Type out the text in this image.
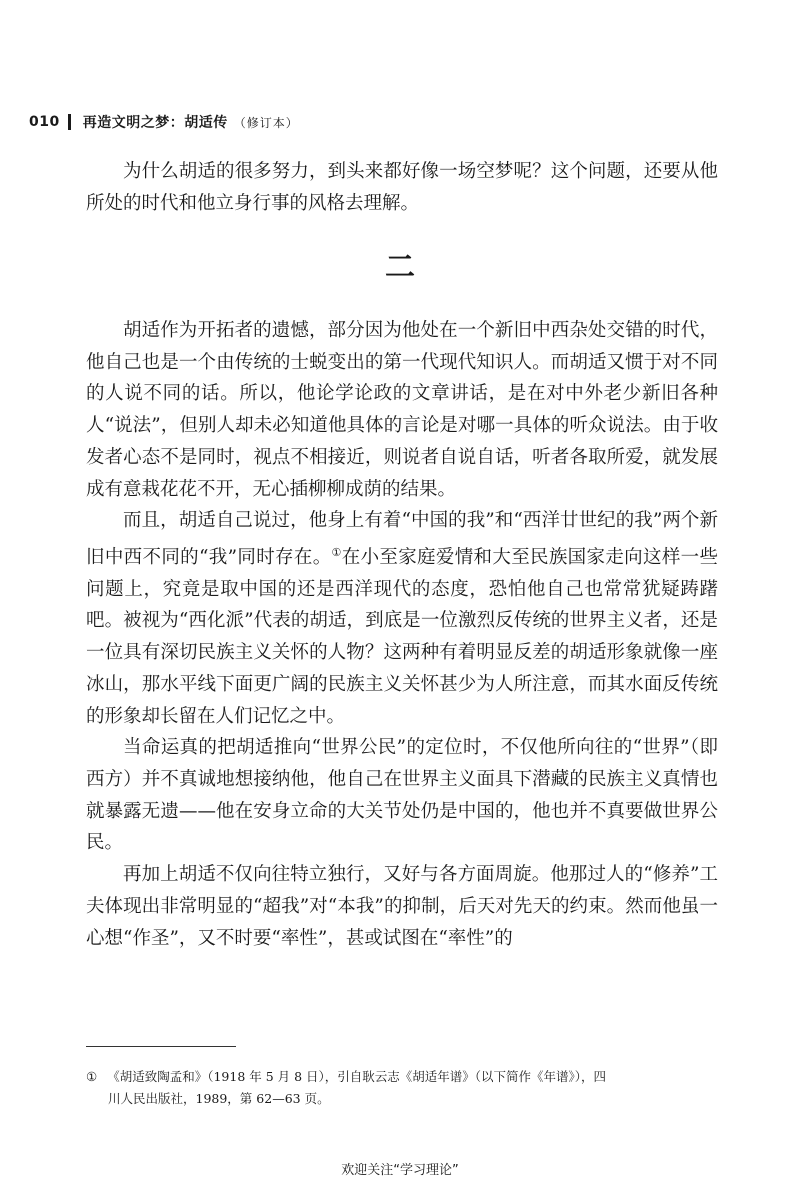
010 再造文明之梦：胡适传 （修订本）

为什么胡适的很多努力，到头来都好像一场空梦呢？这个问题，还要从他所处的时代和他立身行事的风格去理解。

二

胡适作为开拓者的遗憾，部分因为他处在一个新旧中西杂处交错的时代，他自己也是一个由传统的士蜕变出的第一代现代知识人。而胡适又惯于对不同的人说不同的话。所以，他论学论政的文章讲话，是在对中外老少新旧各种人“说法”，但别人却未必知道他具体的言论是对哪一具体的听众说法。由于收发者心态不是同时，视点不相接近，则说者自说自话，听者各取所爱，就发展成有意栽花花不开，无心插柳柳成荫的结果。

而且，胡适自己说过，他身上有着“中国的我”和“西洋廿世纪的我”两个新旧中西不同的“我”同时存在。①在小至家庭爱情和大至民族国家走向这样一些问题上，究竟是取中国的还是西洋现代的态度，恐怕他自己也常常犹疑踌躇吧。被视为“西化派”代表的胡适，到底是一位激烈反传统的世界主义者，还是一位具有深切民族主义关怀的人物？这两种有着明显反差的胡适形象就像一座冰山，那水平线下面更广阔的民族主义关怀甚少为人所注意，而其水面反传统的形象却长留在人们记忆之中。

当命运真的把胡适推向“世界公民”的定位时，不仅他所向往的“世界”（即西方）并不真诚地想接纳他，他自己在世界主义面具下潜藏的民族主义真情也就暴露无遗——他在安身立命的大关节处仍是中国的，他也并不真要做世界公民。

再加上胡适不仅向往特立独行，又好与各方面周旋。他那过人的“修养”工夫体现出非常明显的“超我”对“本我”的抑制，后天对先天的约束。然而他虽一心想“作圣”，又不时要“率性”，甚或试图在“率性”的

① 《胡适致陶孟和》（1918 年 5 月 8 日），引自耿云志《胡适年谱》（以下简作《年谱》），四
川人民出版社，1989，第 62—63 页。
欢迎关注“学习理论”
